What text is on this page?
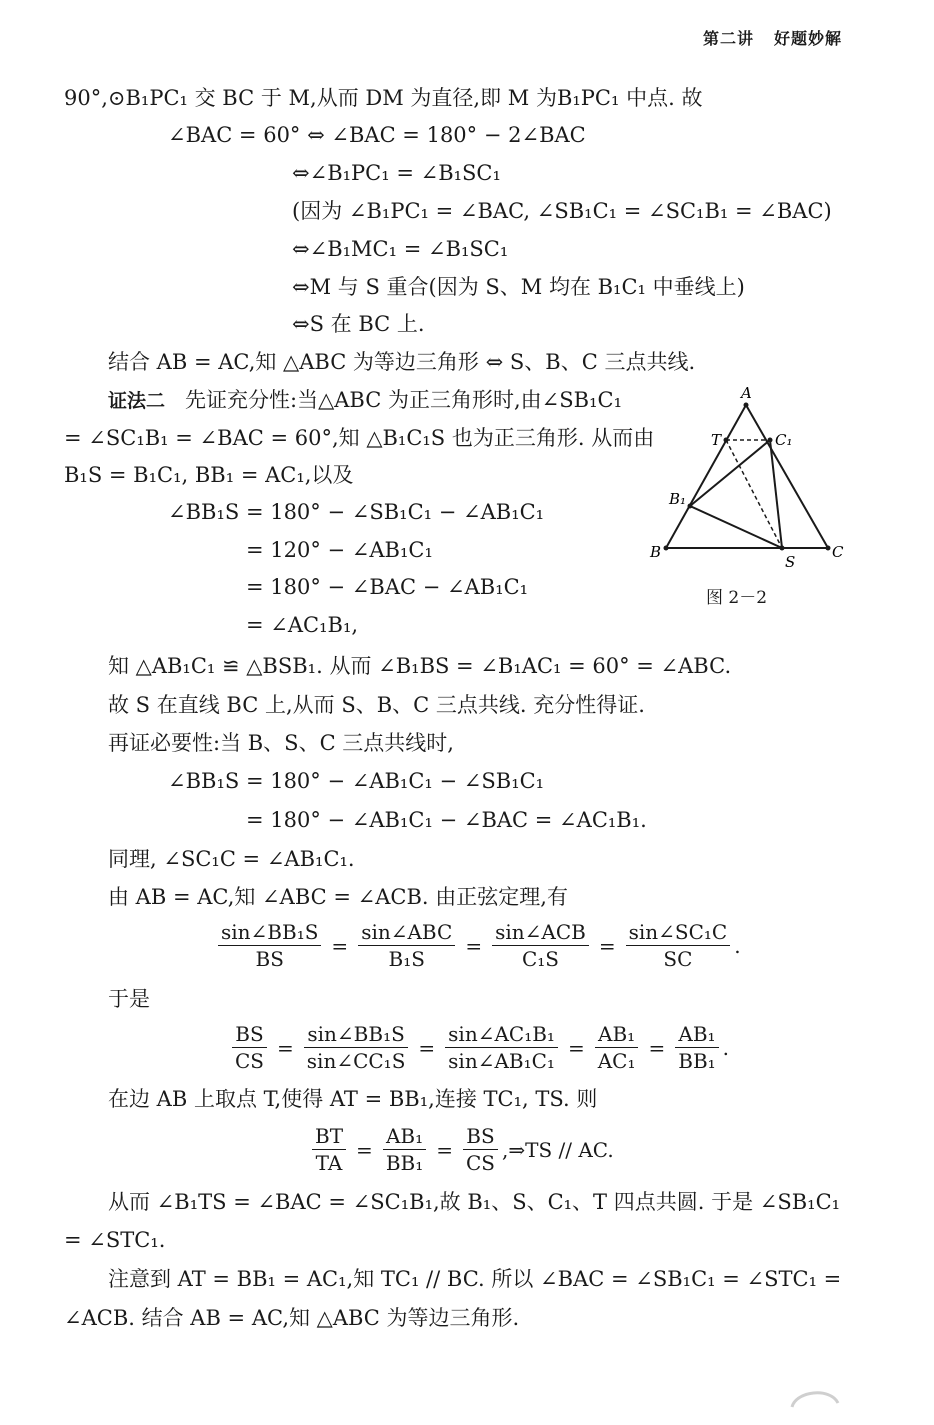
第二讲 好题妙解
90°,⊙B₁PC₁ 交 BC 于 M,从而 DM 为直径,即 M 为B₁PC₁ 中点. 故
∠BAC = 60° ⇔ ∠BAC = 180° − 2∠BAC
⇔∠B₁PC₁ = ∠B₁SC₁
(因为 ∠B₁PC₁ = ∠BAC, ∠SB₁C₁ = ∠SC₁B₁ = ∠BAC)
⇔∠B₁MC₁ = ∠B₁SC₁
⇔M 与 S 重合(因为 S、M 均在 B₁C₁ 中垂线上)
⇔S 在 BC 上.
结合 AB = AC,知 △ABC 为等边三角形 ⇔ S、B、C 三点共线.
证法二 先证充分性:当△ABC 为正三角形时,由∠SB₁C₁
= ∠SC₁B₁ = ∠BAC = 60°,知 △B₁C₁S 也为正三角形. 从而由
B₁S = B₁C₁, BB₁ = AC₁,以及
∠BB₁S = 180° − ∠SB₁C₁ − ∠AB₁C₁
= 120° − ∠AB₁C₁
= 180° − ∠BAC − ∠AB₁C₁
= ∠AC₁B₁,
知 △AB₁C₁ ≌ △BSB₁. 从而 ∠B₁BS = ∠B₁AC₁ = 60° = ∠ABC.
故 S 在直线 BC 上,从而 S、B、C 三点共线. 充分性得证.
再证必要性:当 B、S、C 三点共线时,
∠BB₁S = 180° − ∠AB₁C₁ − ∠SB₁C₁
= 180° − ∠AB₁C₁ − ∠BAC = ∠AC₁B₁.
同理, ∠SC₁C = ∠AB₁C₁.
由 AB = AC,知 ∠ABC = ∠ACB. 由正弦定理,有
$\frac{\text{sin∠BB₁S}}{BS}$ =
sin∠ABC
B₁S
=
sin∠ACB
C₁S
= $\frac{\text{sin∠SC₁C}}{SC}$ .
于是
$\frac{BS}{CS} = \frac{\text{sin∠BB₁S}}{\text{sin∠CC₁S}} = \frac{\text{sin∠AC₁B₁}}{\text{sin∠AB₁C₁}} = \frac{\text{AB₁}}{\text{AC₁}} = \frac{\text{AB₁}}{\text{BB₁}}$ .
在边 AB 上取点 T,使得 AT = BB₁,连接 TC₁, TS. 则
$\frac{BT}{TA} = \frac{\text{AB₁}}{\text{BB₁}} = \frac{BS}{CS}$ ,⇒TS // AC.
从而 ∠B₁TS = ∠BAC = ∠SC₁B₁,故 B₁、S、C₁、T 四点共圆. 于是 ∠SB₁C₁
= ∠STC₁.
注意到 AT = BB₁ = AC₁,知 TC₁ // BC. 所以 ∠BAC = ∠SB₁C₁ = ∠STC₁ =
∠ACB. 结合 AB = AC,知 △ABC 为等边三角形.
A
T	C₁
B₁
B
S
C
图 2－2
